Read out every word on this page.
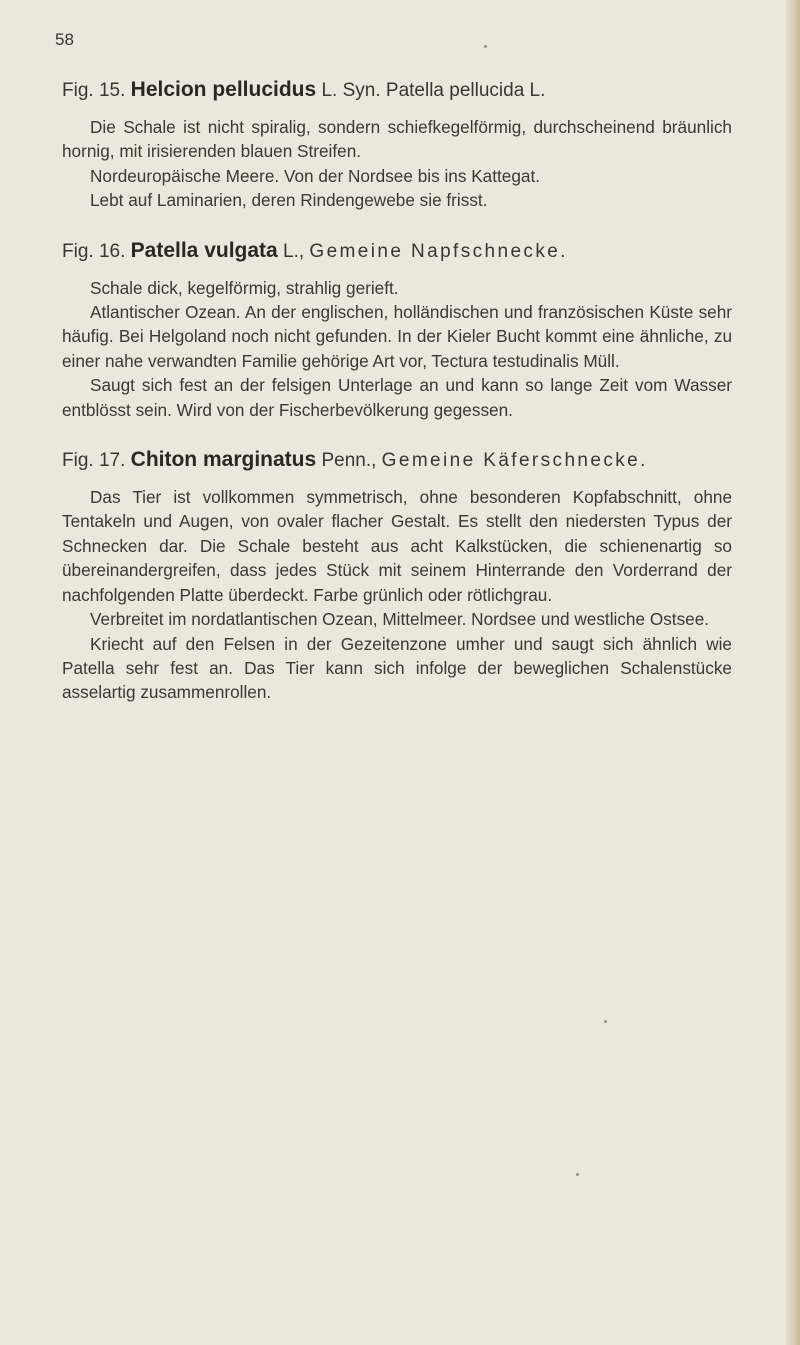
58

Fig. 15. Helcion pellucidus L. Syn. Patella pellucida L.

Die Schale ist nicht spiralig, sondern schiefkegelförmig, durchscheinend bräunlich hornig, mit irisierenden blauen Streifen.

Nordeuropäische Meere. Von der Nordsee bis ins Kattegat.

Lebt auf Laminarien, deren Rindengewebe sie frisst.

Fig. 16. Patella vulgata L., Gemeine Napfschnecke.

Schale dick, kegelförmig, strahlig gerieft.

Atlantischer Ozean. An der englischen, holländischen und französischen Küste sehr häufig. Bei Helgoland noch nicht gefunden. In der Kieler Bucht kommt eine ähnliche, zu einer nahe verwandten Familie gehörige Art vor, Tectura testudinalis Müll.

Saugt sich fest an der felsigen Unterlage an und kann so lange Zeit vom Wasser entblösst sein. Wird von der Fischerbevölkerung gegessen.

Fig. 17. Chiton marginatus Penn., Gemeine Käferschnecke.

Das Tier ist vollkommen symmetrisch, ohne besonderen Kopfabschnitt, ohne Tentakeln und Augen, von ovaler flacher Gestalt. Es stellt den niedersten Typus der Schnecken dar. Die Schale besteht aus acht Kalkstücken, die schienenartig so übereinandergreifen, dass jedes Stück mit seinem Hinterrande den Vorderrand der nachfolgenden Platte überdeckt. Farbe grünlich oder rötlichgrau.

Verbreitet im nordatlantischen Ozean, Mittelmeer. Nordsee und westliche Ostsee.

Kriecht auf den Felsen in der Gezeitenzone umher und saugt sich ähnlich wie Patella sehr fest an. Das Tier kann sich infolge der beweglichen Schalenstücke asselartig zusammenrollen.
